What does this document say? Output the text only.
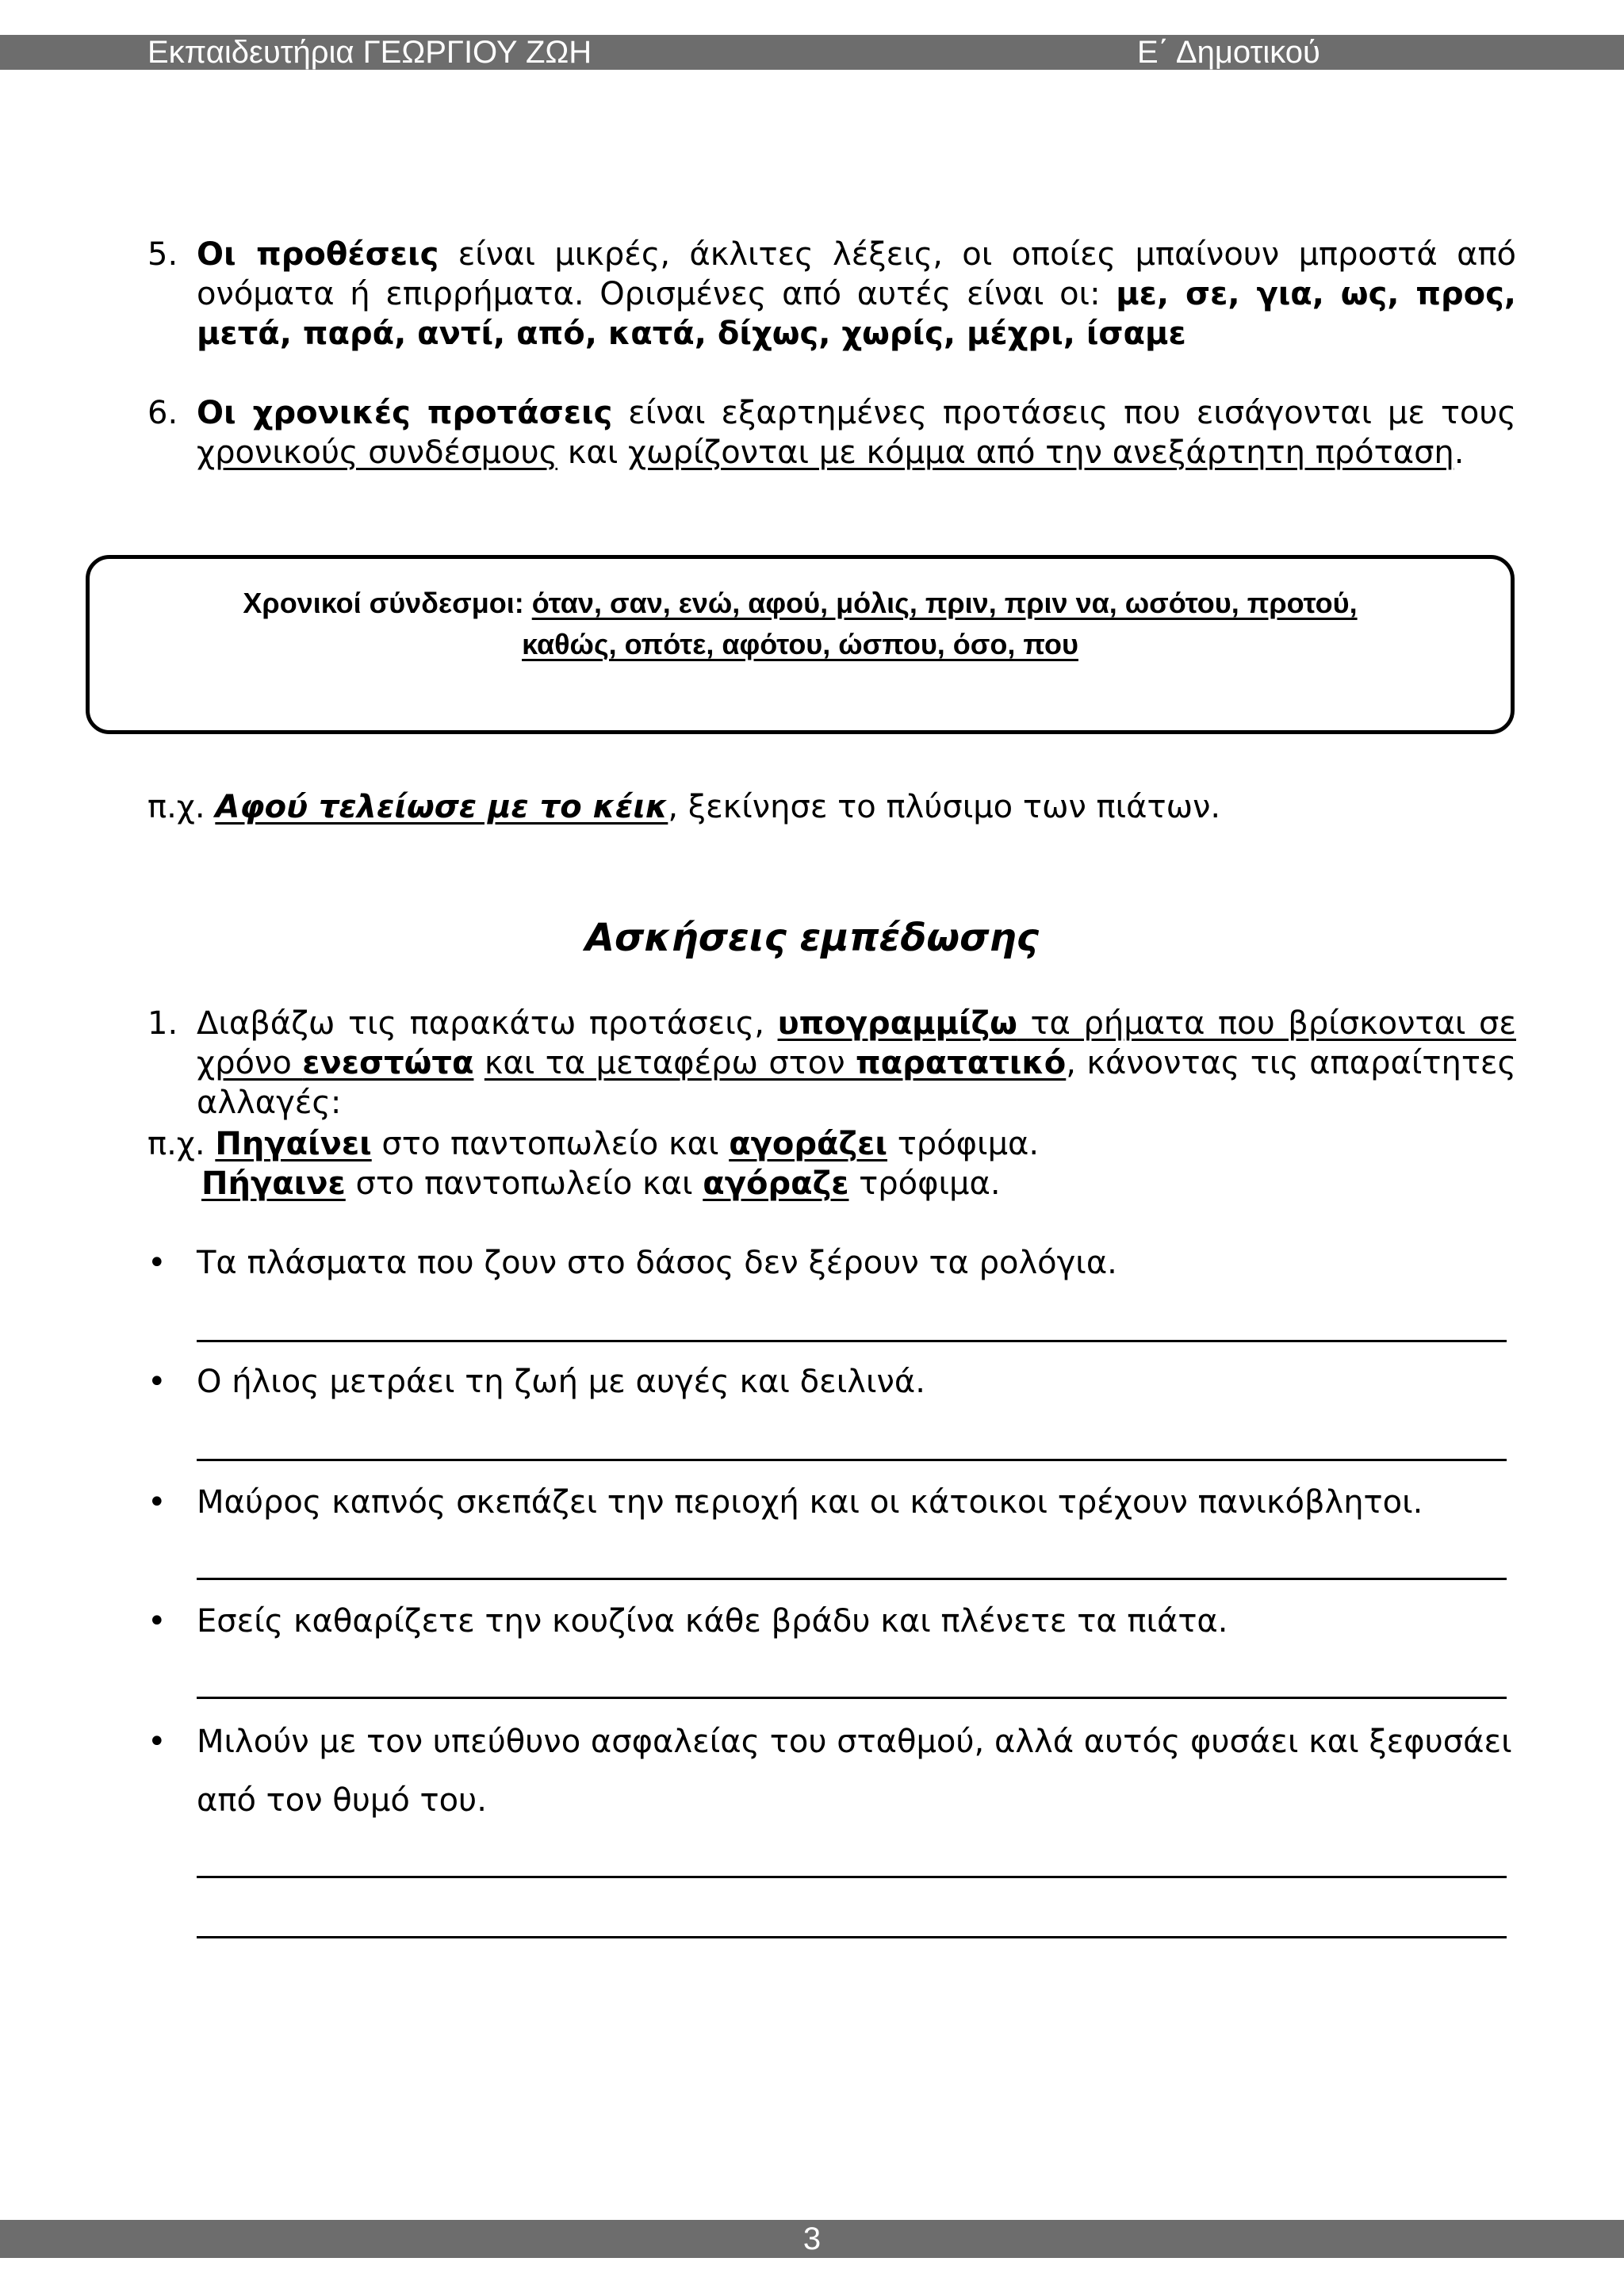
Εκπαιδευτήρια ΓΕΩΡΓΙΟΥ ΖΩΗ	Ε΄ Δημοτικού
5. Οι προθέσεις είναι μικρές, άκλιτες λέξεις, οι οποίες μπαίνουν μπροστά από ονόματα ή επιρρήματα. Ορισμένες από αυτές είναι οι: με, σε, για, ως, προς, μετά, παρά, αντί, από, κατά, δίχως, χωρίς, μέχρι, ίσαμε
6. Οι χρονικές προτάσεις είναι εξαρτημένες προτάσεις που εισάγονται με τους χρονικούς συνδέσμους και χωρίζονται με κόμμα από την ανεξάρτητη πρόταση.
Χρονικοί σύνδεσμοι: όταν, σαν, ενώ, αφού, μόλις, πριν, πριν να, ωσότου, προτού,
καθώς, οπότε, αφότου, ώσπου, όσο, που
π.χ. Αφού τελείωσε με το κέικ, ξεκίνησε το πλύσιμο των πιάτων.
Ασκήσεις εμπέδωσης
1. Διαβάζω τις παρακάτω προτάσεις, υπογραμμίζω τα ρήματα που βρίσκονται σε χρόνο ενεστώτα και τα μεταφέρω στον παρατατικό, κάνοντας τις απαραίτητες αλλαγές:
π.χ. Πηγαίνει στο παντοπωλείο και αγοράζει τρόφιμα.
Πήγαινε στο παντοπωλείο και αγόραζε τρόφιμα.
• Τα πλάσματα που ζουν στο δάσος δεν ξέρουν τα ρολόγια.
• Ο ήλιος μετράει τη ζωή με αυγές και δειλινά.
• Μαύρος καπνός σκεπάζει την περιοχή και οι κάτοικοι τρέχουν πανικόβλητοι.
• Εσείς καθαρίζετε την κουζίνα κάθε βράδυ και πλένετε τα πιάτα.
• Μιλούν με τον υπεύθυνο ασφαλείας του σταθμού, αλλά αυτός φυσάει και ξεφυσάει από τον θυμό του.
3
